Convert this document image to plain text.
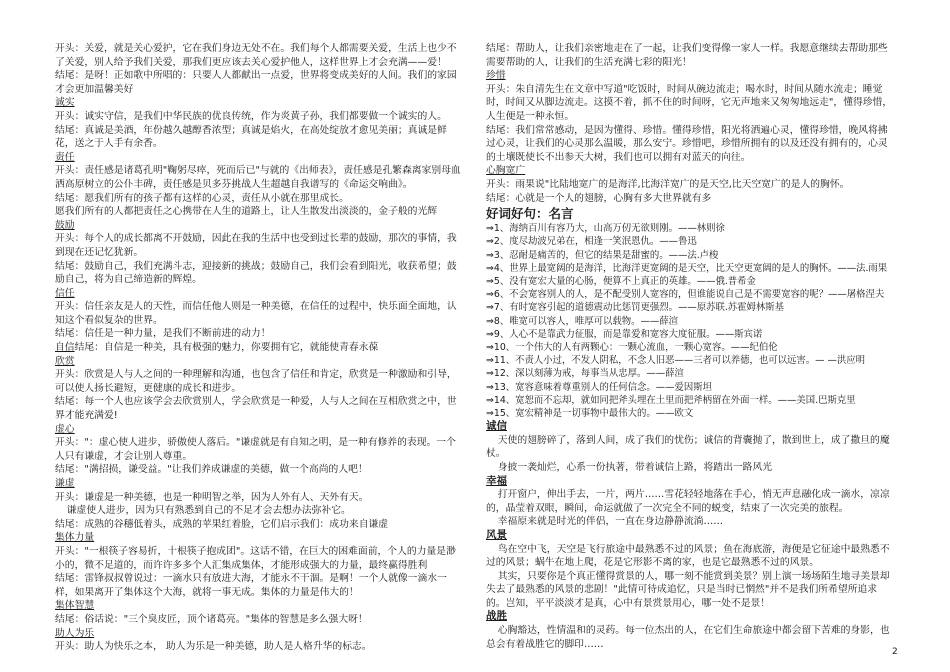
开头：关爱，就是关心爱护，它在我们身边无处不在。我们每个人都需要关爱，生活上也少不了关爱，别人给予我们关爱，那我们更应该去关心爱护他人，这样世界上才会充满——爱！

结尾：是呀！正如歌中所唱的：只要人人都献出一点爱，世界将变成美好的人间。我们的家园才会更加温馨美好

诚实

开头：诚实守信，是我们中华民族的优良传统，作为炎黄子孙，我们都要做一个诚实的人。

结尾：真诚是美酒，年份越久越醇香浓型；真诚是焰火，在高处绽放才愈见美丽；真诚是鲜花，送之于人手有余香。

责任

开头：责任感是诸葛孔明"鞠躬尽瘁，死而后已"与就的《出师表》，责任感是孔繁森离家别母血洒高原树立的公仆丰碑，责任感是贝多芬挑战人生超越自我谱写的《命运交响曲》。

结尾：愿我们所有的孩子都有这样的心灵，责任从小就在那里成长。

愿我们所有的人都把责任之心携带在人生的道路上，让人生散发出淡淡的，金子般的光辉

鼓励

开头：每个人的成长都离不开鼓励，因此在我的生活中也受到过长辈的鼓励，那次的事情，我到现在还记忆犹新。

结尾：鼓励自己，我们充满斗志，迎接新的挑战；鼓励自己，我们会看到阳光，收获希望；鼓励自己，将为自己缔造新的辉煌。

信任

开头：信任亲友是人的天性，而信任他人则是一种美德，在信任的过程中，快乐面全面地，认知这个看似复杂的世界。

结尾：信任是一种力量，是我们不断前进的动力！

自信结尾：自信是一种美，具有极强的魅力，你要拥有它，就能使青春永葆

欣赏

开头：欣赏是人与人之间的一种理解和沟通，也包含了信任和肯定，欣赏是一种激励和引导，可以使人扬长避短，更健康的成长和进步。

结尾：每一个人也应该学会去欣赏别人，学会欣赏是一种爱，人与人之间在互相欣赏之中，世界才能充满爱!

虚心

开头："：虚心使人进步，骄傲使人落后。"谦虚就是有自知之明，是一种有修养的表现。一个人只有谦虚，才会让别人尊重。

结尾："满招损，谦受益。"让我们养成谦虚的美德，做一个高尚的人吧！

谦虚

开头：谦虚是一种美德，也是一种明智之举，因为人外有人、天外有天。

谦虚使人进步，因为只有熟悉到自己的不足才会去想办法弥补它。

结尾：成熟的谷穗低着头，成熟的苹果红着脸，它们启示我们：成功来自谦虚

集体力量

开头："一根筷子容易折，十根筷子抱成团"。这话不错，在巨大的困难面前，个人的力量是渺小的，微不足道的，而许许多多个人汇集成集体，才能形成强大的力量，最终赢得胜利

结尾：雷锋叔叔曾说过：一滴水只有放进大海，才能永不干涸。是啊！一个人就像一滴水一样，如果离开了集体这个大海，就将一事无成。集体的力量是伟大的！

集体智慧

结尾：俗话说："三个臭皮匠，顶个诸葛亮。"集体的智慧是多么强大呀！

助人为乐

开头：助人为快乐之本， 助人为乐是一种美德，助人是人格升华的标志。

结尾：帮助人，让我们亲密地走在了一起，让我们变得像一家人一样。我愿意继续去帮助那些需要帮助的人，让我们的生活充满七彩的阳光！

珍惜

开头：朱自清先生在文章中写道"吃饭时，时间从碗边流走；喝水时，时间从随水流走；睡觉时，时间又从脚边流走。这摸不着，抓不住的时间呀，它无声地来又匆匆地远走"，懂得珍惜，人生便是一种永恒。

结尾：我们常常感动，是因为懂得、珍惜。懂得珍惜，阳光将洒遍心灵，懂得珍惜，晚风将拂过心灵，让我们的心灵那么温暖，那么安宁。珍惜吧，珍惜所拥有的以及还没有拥有的，心灵的土壤既使长不出参天大树，我们也可以拥有对蓝天的向往。

心胸宽广

开头：雨果说"比陆地宽广的是海洋,比海洋宽广的是天空,比天空宽广的是人的胸怀。

结尾：心就是一个人的翅膀，心胸有多大世界就有多

好词好句：名言

⇒1、海纳百川有容乃大，山高万仞无欲则刚。——林则徐

⇒2、度尽劫波兄弟在，相逢一笑泯恩仇。——鲁迅

⇒3、忍耐是痛苦的，但它的结果是甜蜜的。——法.卢梭

⇒4、世界上最宽阔的是海洋，比海洋更宽阔的是天空，比天空更宽阔的是人的胸怀。——法.雨果

⇒5、没有宽宏大量的心肠，便算不上真正的英雄。——俄.普希金

⇒6、不会宽容别人的人，是不配受别人宽容的，但谁能说自己是不需要宽容的呢？——屠格涅夫

⇒7、有时宽容引起的道德震动比惩罚更强烈。——原苏联.苏霍姆林斯基

⇒8、唯宽可以容人，唯厚可以载物。——薛渲

⇒9、人心不是靠武力征服，而是靠爱和宽容大度征服。——斯宾诺

⇒10、一个伟大的人有两颗心：一颗心流血，一颗心宽容。——纪伯伦

⇒11、不责人小过，不发人阴私，不念人旧恶——三者可以养德，也可以远害。— —洪应明

⇒12、深以刻薄为戒，每事当从忠厚。——薛渲

⇒13、宽容意味着尊重别人的任何信念。——爱因斯坦

⇒14、宽恕而不忘却，就如同把斧头埋在土里而把斧柄留在外面一样。——美国.巴斯克里

⇒15、宽宏精神是一切事物中最伟大的。——欧文

诚信

天使的翅膀碎了，落到人间，成了我们的忧伤；诚信的背囊抛了，散到世上，成了撒旦的魔杖。

身披一袭灿烂，心系一份执著，带着诚信上路，将踏出一路风光

幸福

打开窗户，伸出手去，一片，两片……雪花轻轻地落在手心，悄无声息融化成一滴水，凉凉的，晶莹着双眼，瞬间，命运就做了一次完全不同的蜕变，结束了一次完美的旅程。

幸福原来就是时光的伴侣，一直在身边静静流淌……

风景

鸟在空中飞，天空是飞行旅途中最熟悉不过的风景；鱼在海底游，海便是它征途中最熟悉不过的风景；蜗牛在地上爬，花是它形影不离的家，也是它最熟悉不过的风景。

其实，只要你是个真正懂得赏景的人，哪一刻不能赏到美景？别上演一场场陌生地寻美景却失去了最熟悉的风景的悲剧！"此情可待成追忆，只是当时已惘然"并不是我们所希望所追求的。岂知，平平淡淡才是真，心中有景赏景用心，哪一处不是景！

战胜

心胸豁达，性情温和的灵药。每一位杰出的人，在它们生命旅途中都会留下苦难的身影，也总会有着战胜它的脚印……

2
